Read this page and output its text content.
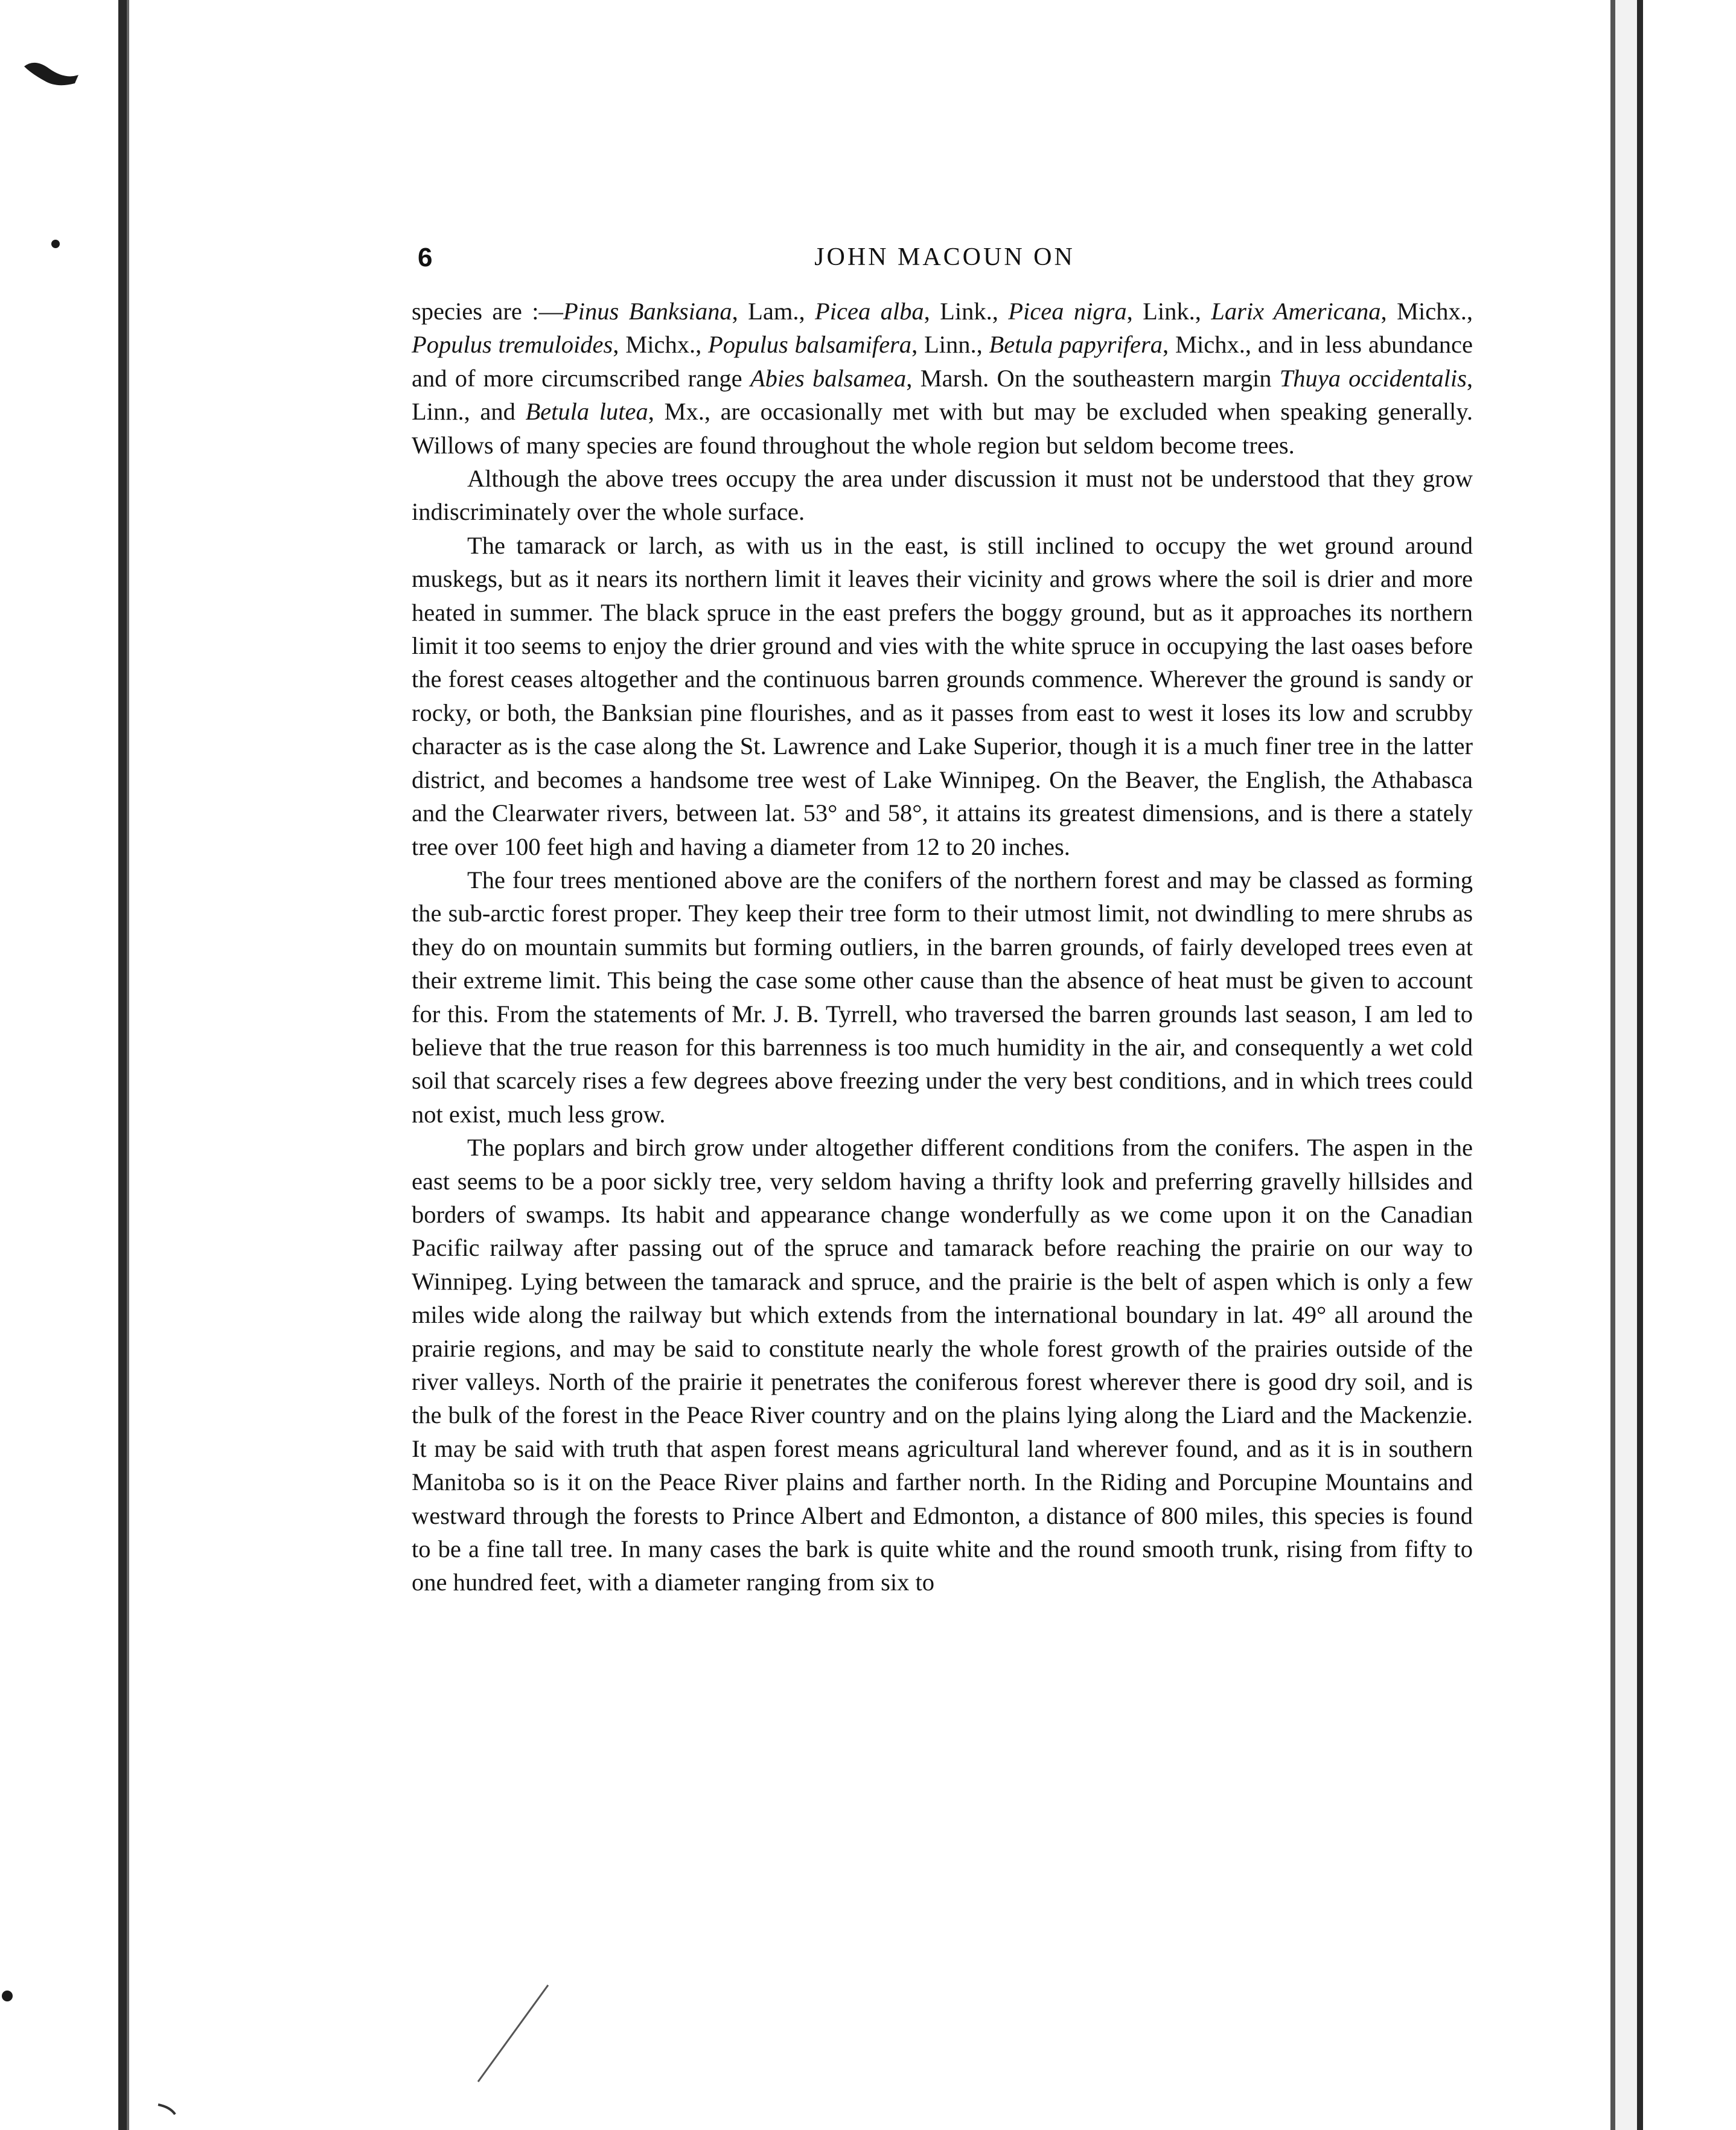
6	JOHN MACOUN ON

species are :—Pinus Banksiana, Lam., Picea alba, Link., Picea nigra, Link., Larix Americana, Michx., Populus tremuloides, Michx., Populus balsamifera, Linn., Betula papyrifera, Michx., and in less abundance and of more circumscribed range Abies balsamea, Marsh. On the southeastern margin Thuya occidentalis, Linn., and Betula lutea, Mx., are occasionally met with but may be excluded when speaking generally. Willows of many species are found throughout the whole region but seldom become trees.

Although the above trees occupy the area under discussion it must not be understood that they grow indiscriminately over the whole surface.

The tamarack or larch, as with us in the east, is still inclined to occupy the wet ground around muskegs, but as it nears its northern limit it leaves their vicinity and grows where the soil is drier and more heated in summer. The black spruce in the east prefers the boggy ground, but as it approaches its northern limit it too seems to enjoy the drier ground and vies with the white spruce in occupying the last oases before the forest ceases altogether and the continuous barren grounds commence. Wherever the ground is sandy or rocky, or both, the Banksian pine flourishes, and as it passes from east to west it loses its low and scrubby character as is the case along the St. Lawrence and Lake Superior, though it is a much finer tree in the latter district, and becomes a handsome tree west of Lake Winnipeg. On the Beaver, the English, the Athabasca and the Clearwater rivers, between lat. 53° and 58°, it attains its greatest dimensions, and is there a stately tree over 100 feet high and having a diameter from 12 to 20 inches.

The four trees mentioned above are the conifers of the northern forest and may be classed as forming the sub-arctic forest proper. They keep their tree form to their utmost limit, not dwindling to mere shrubs as they do on mountain summits but forming outliers, in the barren grounds, of fairly developed trees even at their extreme limit. This being the case some other cause than the absence of heat must be given to account for this. From the statements of Mr. J. B. Tyrrell, who traversed the barren grounds last season, I am led to believe that the true reason for this barrenness is too much humidity in the air, and consequently a wet cold soil that scarcely rises a few degrees above freezing under the very best conditions, and in which trees could not exist, much less grow.

The poplars and birch grow under altogether different conditions from the conifers. The aspen in the east seems to be a poor sickly tree, very seldom having a thrifty look and preferring gravelly hillsides and borders of swamps. Its habit and appearance change wonderfully as we come upon it on the Canadian Pacific railway after passing out of the spruce and tamarack before reaching the prairie on our way to Winnipeg. Lying between the tamarack and spruce, and the prairie is the belt of aspen which is only a few miles wide along the railway but which extends from the international boundary in lat. 49° all around the prairie regions, and may be said to constitute nearly the whole forest growth of the prairies outside of the river valleys. North of the prairie it penetrates the coniferous forest wherever there is good dry soil, and is the bulk of the forest in the Peace River country and on the plains lying along the Liard and the Mackenzie. It may be said with truth that aspen forest means agricultural land wherever found, and as it is in southern Manitoba so is it on the Peace River plains and farther north. In the Riding and Porcupine Mountains and westward through the forests to Prince Albert and Edmonton, a distance of 800 miles, this species is found to be a fine tall tree. In many cases the bark is quite white and the round smooth trunk, rising from fifty to one hundred feet, with a diameter ranging from six to
